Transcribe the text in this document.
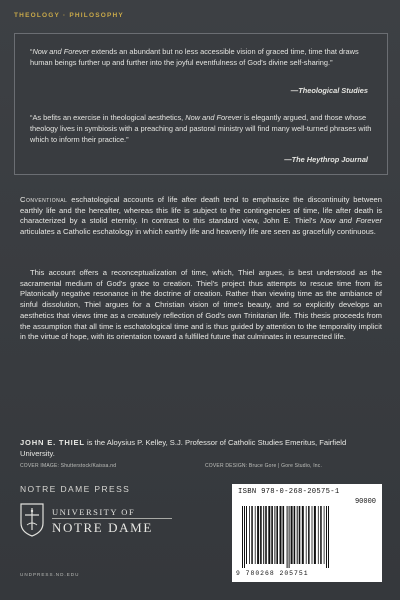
THEOLOGY · PHILOSOPHY
“Now and Forever extends an abundant but no less accessible vision of graced time, time that draws human beings further up and further into the joyful eventfulness of God's divine self-sharing.”
—Theological Studies
“As befits an exercise in theological aesthetics, Now and Forever is elegantly argued, and those whose theology lives in symbiosis with a preaching and pastoral ministry will find many well-turned phrases with which to inform their practice.”
—The Heythrop Journal
Conventional eschatological accounts of life after death tend to emphasize the discontinuity between earthly life and the hereafter, whereas this life is subject to the contingencies of time, life after death is characterized by a stolid eternity. In contrast to this standard view, John E. Thiel's Now and Forever articulates a Catholic eschatology in which earthly life and heavenly life are seen as gracefully continuous.
This account offers a reconceptualization of time, which, Thiel argues, is best understood as the sacramental medium of God's grace to creation. Thiel's project thus attempts to rescue time from its Platonically negative resonance in the doctrine of creation. Rather than viewing time as the ambiance of sinful dissolution, Thiel argues for a Christian vision of time's beauty, and so explicitly develops an aesthetics that views time as a creaturely reflection of God's own Trinitarian life. This thesis proceeds from the assumption that all time is eschatological time and is thus guided by attention to the temporality implicit in the virtue of hope, with its orientation toward a fulfilled future that culminates in resurrected life.
JOHN E. THIEL is the Aloysius P. Kelley, S.J. Professor of Catholic Studies Emeritus, Fairfield University.
COVER IMAGE: Shutterstock/Kaissa.nd	COVER DESIGN: Bruce Gore | Gore Studio, Inc.
NOTRE DAME PRESS
UNIVERSITY OF
NOTRE DAME
UNDPRESS.ND.EDU
ISBN 978-0-268-20575-1
90000
9 780268 205751
